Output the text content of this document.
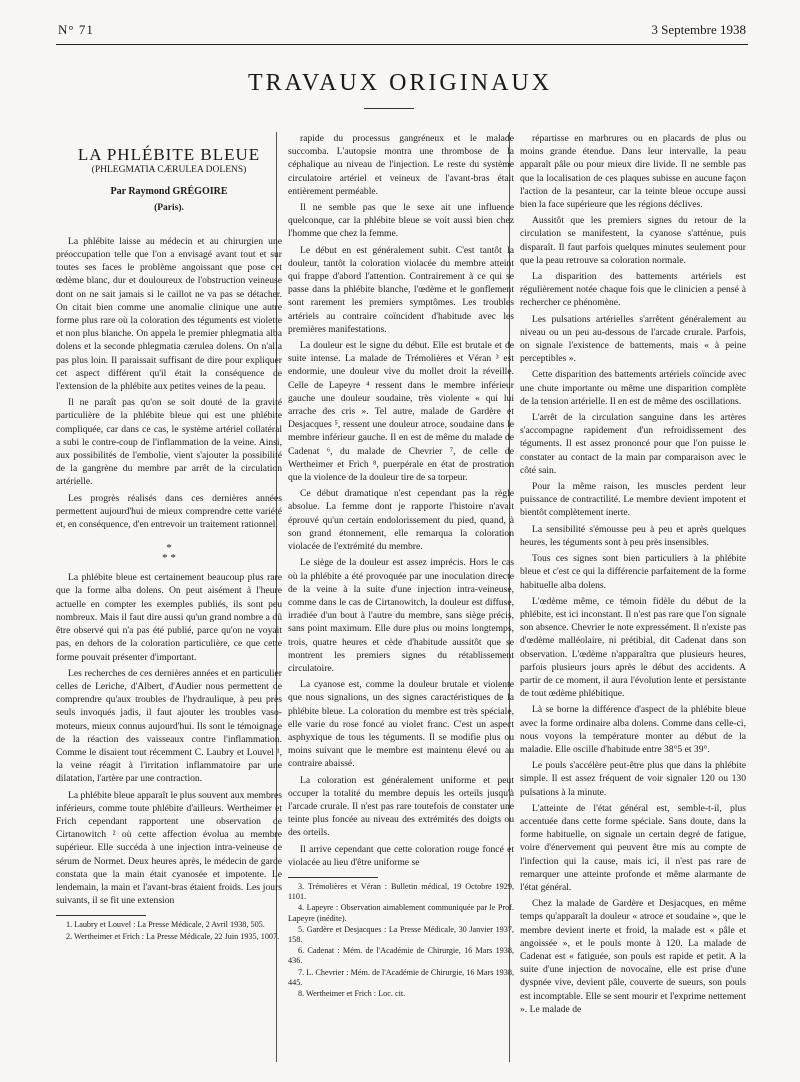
N° 71	3 Septembre 1938
TRAVAUX ORIGINAUX
LA PHLÉBITE BLEUE
(PHLEGMATIA CÆRULEA DOLENS)
Par Raymond GRÉGOIRE
(Paris).

La phlébite laisse au médecin et au chirurgien une préoccupation telle que l'on a envisagé avant tout et sur toutes ses faces le problème angoissant que pose cet œdème blanc, dur et douloureux de l'obstruction veineuse dont on ne sait jamais si le caillot ne va pas se détacher. On citait bien comme une anomalie clinique une autre forme plus rare où la coloration des téguments est violette et non plus blanche. On appela le premier phlegmatia alba dolens et la seconde phlegmatia cærulea dolens. On n'alla pas plus loin. Il paraissait suffisant de dire pour expliquer cet aspect différent qu'il était la conséquence de l'extension de la phlébite aux petites veines de la peau.

Il ne paraît pas qu'on se soit douté de la gravité particulière de la phlébite bleue qui est une phlébite compliquée, car dans ce cas, le système artériel collatéral a subi le contre-coup de l'inflammation de la veine. Ainsi, aux possibilités de l'embolie, vient s'ajouter la possibilité de la gangrène du membre par arrêt de la circulation artérielle.

Les progrès réalisés dans ces dernières années permettent aujourd'hui de mieux comprendre cette variété et, en conséquence, d'en entrevoir un traitement rationnel.

*
* *

La phlébite bleue est certainement beaucoup plus rare que la forme alba dolens. On peut aisément à l'heure actuelle en compter les exemples publiés, ils sont peu nombreux. Mais il faut dire aussi qu'un grand nombre a dû être observé qui n'a pas été publié, parce qu'on ne voyait pas, en dehors de la coloration particulière, ce que cette forme pouvait présenter d'important.

Les recherches de ces dernières années et en particulier celles de Leriche, d'Albert, d'Audier nous permettent de comprendre qu'aux troubles de l'hydraulique, à peu près seuls invoqués jadis, il faut ajouter les troubles vaso-moteurs, mieux connus aujourd'hui. Ils sont le témoignage de la réaction des vaisseaux contre l'inflammation. Comme le disaient tout récemment C. Laubry et Louvel ¹, la veine réagit à l'irritation inflammatoire par une dilatation, l'artère par une contraction.

La phlébite bleue apparaît le plus souvent aux membres inférieurs, comme toute phlébite d'ailleurs. Wertheimer et Frich cependant rapportent une observation de Cirtanowitch ² où cette affection évolua au membre supérieur. Elle succéda à une injection intra-veineuse de sérum de Normet. Deux heures après, le médecin de garde constata que la main était cyanosée et impotente. Le lendemain, la main et l'avant-bras étaient froids. Les jours suivants, il se fit une extension

1. Laubry et Louvel : La Presse Médicale, 2 Avril 1938, 505.

2. Wertheimer et Frich : La Presse Médicale, 22 Juin 1935, 1007.

rapide du processus gangréneux et le malade succomba. L'autopsie montra une thrombose de la céphalique au niveau de l'injection. Le reste du système circulatoire artériel et veineux de l'avant-bras était entièrement perméable.

Il ne semble pas que le sexe ait une influence quelconque, car la phlébite bleue se voit aussi bien chez l'homme que chez la femme.

Le début en est généralement subit. C'est tantôt la douleur, tantôt la coloration violacée du membre atteint qui frappe d'abord l'attention. Contrairement à ce qui se passe dans la phlébite blanche, l'œdème et le gonflement sont rarement les premiers symptômes. Les troubles artériels au contraire coïncident d'habitude avec les premières manifestations.

La douleur est le signe du début. Elle est brutale et de suite intense. La malade de Trémolières et Véran ³ est endormie, une douleur vive du mollet droit la réveille. Celle de Lapeyre ⁴ ressent dans le membre inférieur gauche une douleur soudaine, très violente « qui lui arrache des cris ». Tel autre, malade de Gardère et Desjacques ⁵, ressent une douleur atroce, soudaine dans le membre inférieur gauche. Il en est de même du malade de Cadenat ⁶, du malade de Chevrier ⁷, de celle de Wertheimer et Frich ⁸, puerpérale en état de prostration que la violence de la douleur tire de sa torpeur.

Ce début dramatique n'est cependant pas la règle absolue. La femme dont je rapporte l'histoire n'avait éprouvé qu'un certain endolorissement du pied, quand, à son grand étonnement, elle remarqua la coloration violacée de l'extrémité du membre.

Le siège de la douleur est assez imprécis. Hors le cas où la phlébite a été provoquée par une inoculation directe de la veine à la suite d'une injection intra-veineuse, comme dans le cas de Cirtanowitch, la douleur est diffuse, irradiée d'un bout à l'autre du membre, sans siège précis, sans point maximum. Elle dure plus ou moins longtemps, trois, quatre heures et cède d'habitude aussitôt que se montrent les premiers signes du rétablissement circulatoire.

La cyanose est, comme la douleur brutale et violente que nous signalions, un des signes caractéristiques de la phlébite bleue. La coloration du membre est très spéciale, elle varie du rose foncé au violet franc. C'est un aspect asphyxique de tous les téguments. Il se modifie plus ou moins suivant que le membre est maintenu élevé ou au contraire abaissé.

La coloration est généralement uniforme et peut occuper la totalité du membre depuis les orteils jusqu'à l'arcade crurale. Il n'est pas rare toutefois de constater une teinte plus foncée au niveau des extrémités des doigts ou des orteils.

Il arrive cependant que cette coloration rouge foncé et violacée au lieu d'être uniforme se

3. Trémolières et Véran : Bulletin médical, 19 Octobre 1929, 1101.

4. Lapeyre : Observation aimablement communiquée par le Prof. Lapeyre (inédite).

5. Gardère et Desjacques : La Presse Médicale, 30 Janvier 1937, 158.

6. Cadenat : Mém. de l'Académie de Chirurgie, 16 Mars 1938, 436.

7. L. Chevrier : Mém. de l'Académie de Chirurgie, 16 Mars 1938, 445.

8. Wertheimer et Frich : Loc. cit.

répartisse en marbrures ou en placards de plus ou moins grande étendue. Dans leur intervalle, la peau apparaît pâle ou pour mieux dire livide. Il ne semble pas que la localisation de ces plaques subisse en aucune façon l'action de la pesanteur, car la teinte bleue occupe aussi bien la face supérieure que les régions déclives.

Aussitôt que les premiers signes du retour de la circulation se manifestent, la cyanose s'atténue, puis disparaît. Il faut parfois quelques minutes seulement pour que la peau retrouve sa coloration normale.

La disparition des battements artériels est régulièrement notée chaque fois que le clinicien a pensé à rechercher ce phénomène.

Les pulsations artérielles s'arrêtent généralement au niveau ou un peu au-dessous de l'arcade crurale. Parfois, on signale l'existence de battements, mais « à peine perceptibles ».

Cette disparition des battements artériels coïncide avec une chute importante ou même une disparition complète de la tension artérielle. Il en est de même des oscillations.

L'arrêt de la circulation sanguine dans les artères s'accompagne rapidement d'un refroidissement des téguments. Il est assez prononcé pour que l'on puisse le constater au contact de la main par comparaison avec le côté sain.

Pour la même raison, les muscles perdent leur puissance de contractilité. Le membre devient impotent et bientôt complètement inerte.

La sensibilité s'émousse peu à peu et après quelques heures, les téguments sont à peu près insensibles.

Tous ces signes sont bien particuliers à la phlébite bleue et c'est ce qui la différencie parfaitement de la forme habituelle alba dolens.

L'œdème même, ce témoin fidèle du début de la phlébite, est ici inconstant. Il n'est pas rare que l'on signale son absence. Chevrier le note expressément. Il n'existe pas d'œdème malléolaire, ni prétibial, dit Cadenat dans son observation. L'œdème n'apparaîtra que plusieurs heures, parfois plusieurs jours après le début des accidents. A partir de ce moment, il aura l'évolution lente et persistante de tout œdème phlébitique.

Là se borne la différence d'aspect de la phlébite bleue avec la forme ordinaire alba dolens. Comme dans celle-ci, nous voyons la température monter au début de la maladie. Elle oscille d'habitude entre 38°5 et 39°.

Le pouls s'accélère peut-être plus que dans la phlébite simple. Il est assez fréquent de voir signaler 120 ou 130 pulsations à la minute.

L'atteinte de l'état général est, semble-t-il, plus accentuée dans cette forme spéciale. Sans doute, dans la forme habituelle, on signale un certain degré de fatigue, voire d'énervement qui peuvent être mis au compte de l'infection qui la cause, mais ici, il n'est pas rare de remarquer une atteinte profonde et même alarmante de l'état général.

Chez la malade de Gardère et Desjacques, en même temps qu'apparaît la douleur « atroce et soudaine », que le membre devient inerte et froid, la malade est « pâle et angoissée », et le pouls monte à 120. La malade de Cadenat est « fatiguée, son pouls est rapide et petit. A la suite d'une injection de novocaïne, elle est prise d'une dyspnée vive, devient pâle, couverte de sueurs, son pouls est incomptable. Elle se sent mourir et l'exprime nettement ». Le malade de
